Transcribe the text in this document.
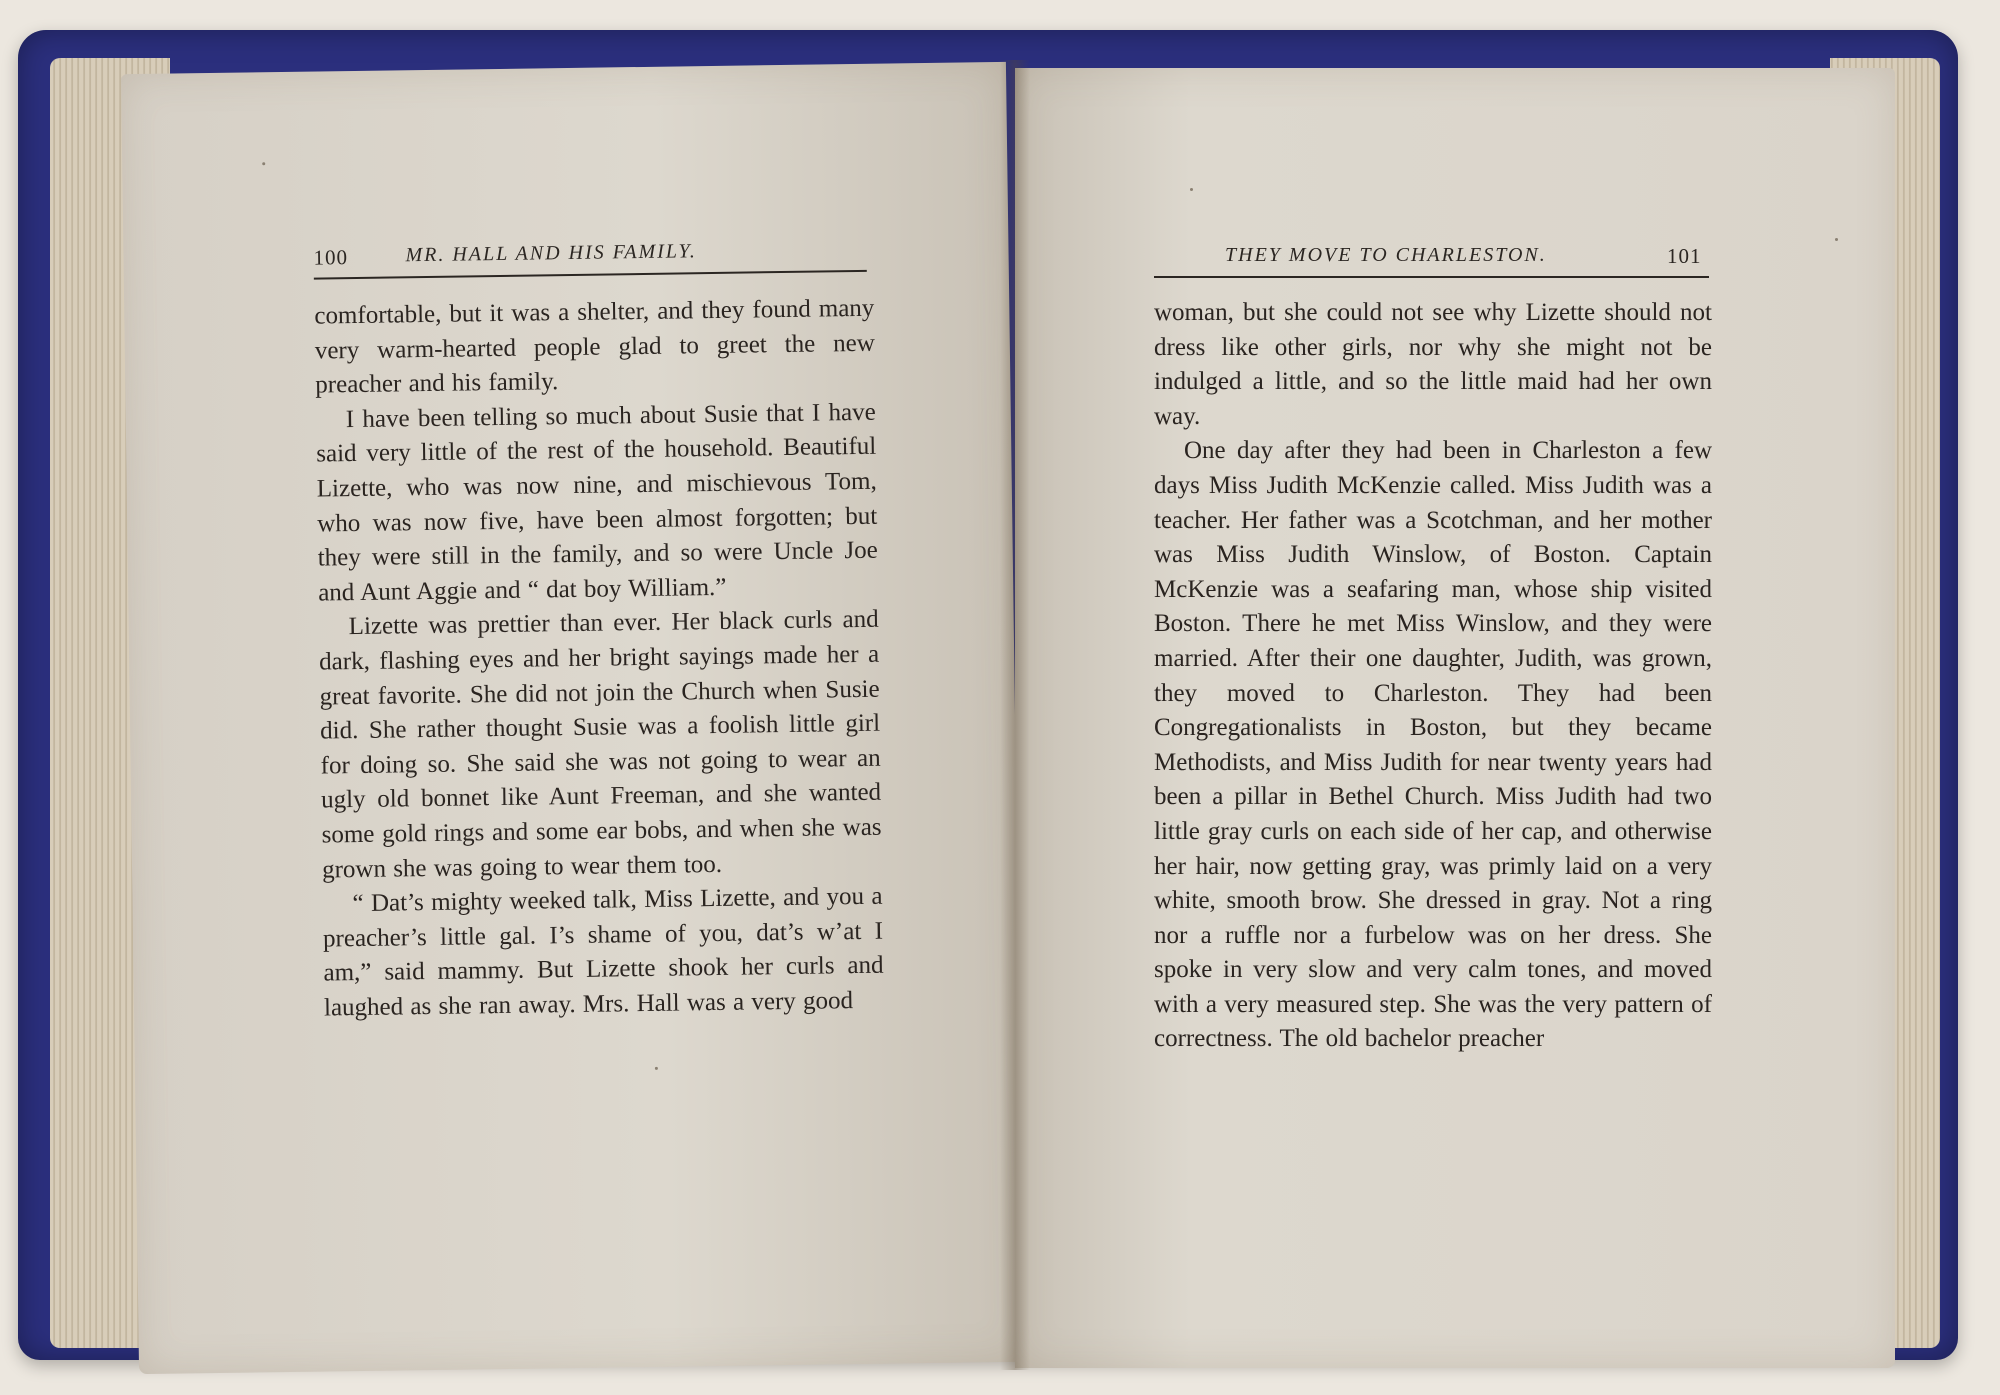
100	MR. HALL AND HIS FAMILY.

comfortable, but it was a shelter, and they found many very warm-hearted people glad to greet the new preacher and his family.

I have been telling so much about Susie that I have said very little of the rest of the household. Beautiful Lizette, who was now nine, and mischievous Tom, who was now five, have been almost forgotten; but they were still in the family, and so were Uncle Joe and Aunt Aggie and “ dat boy William.”

Lizette was prettier than ever. Her black curls and dark, flashing eyes and her bright sayings made her a great favorite. She did not join the Church when Susie did. She rather thought Susie was a foolish little girl for doing so. She said she was not going to wear an ugly old bonnet like Aunt Freeman, and she wanted some gold rings and some ear bobs, and when she was grown she was going to wear them too.

“ Dat’s mighty weeked talk, Miss Lizette, and you a preacher’s little gal. I’s shame of you, dat’s w’at I am,” said mammy. But Lizette shook her curls and laughed as she ran away. Mrs. Hall was a very good

THEY MOVE TO CHARLESTON.	101

woman, but she could not see why Lizette should not dress like other girls, nor why she might not be indulged a little, and so the little maid had her own way.

One day after they had been in Charleston a few days Miss Judith McKenzie called. Miss Judith was a teacher. Her father was a Scotchman, and her mother was Miss Judith Winslow, of Boston. Captain McKenzie was a seafaring man, whose ship visited Boston. There he met Miss Winslow, and they were married. After their one daughter, Judith, was grown, they moved to Charleston. They had been Congregationalists in Boston, but they became Methodists, and Miss Judith for near twenty years had been a pillar in Bethel Church. Miss Judith had two little gray curls on each side of her cap, and otherwise her hair, now getting gray, was primly laid on a very white, smooth brow. She dressed in gray. Not a ring nor a ruffle nor a furbelow was on her dress. She spoke in very slow and very calm tones, and moved with a very measured step. She was the very pattern of correctness. The old bachelor preacher
